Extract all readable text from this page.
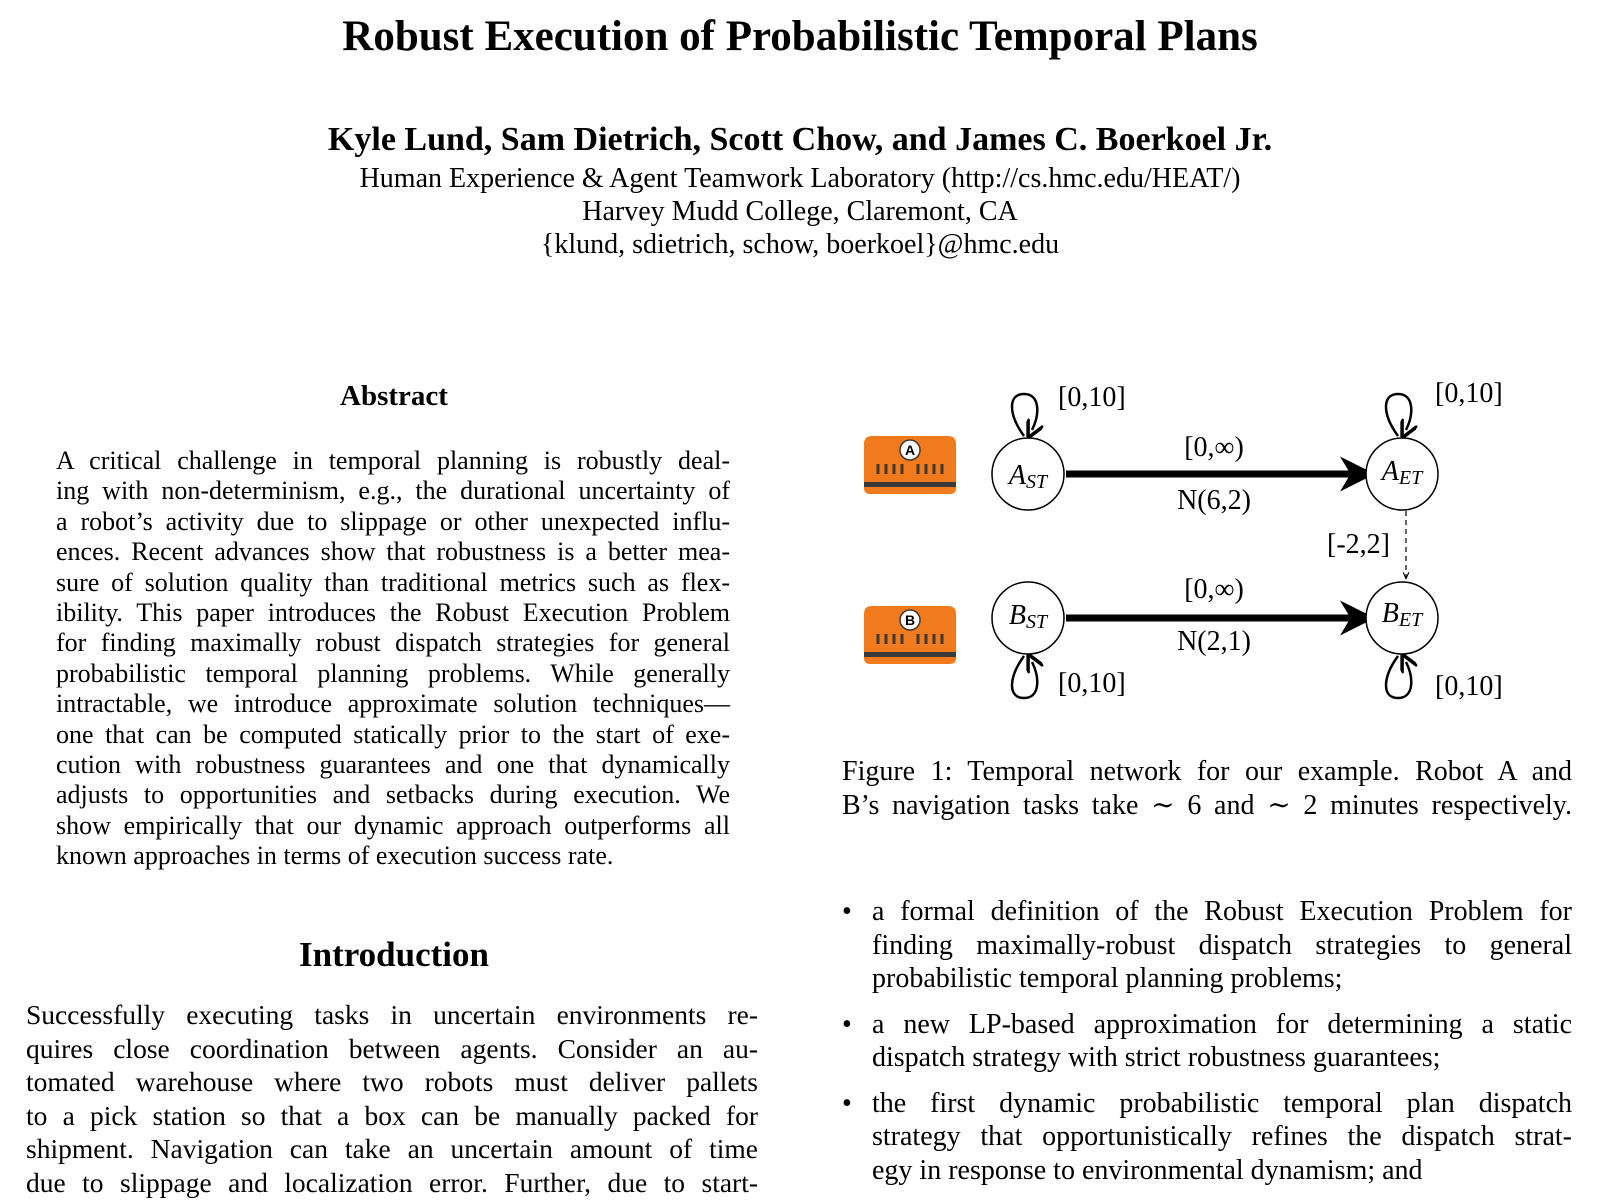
Robust Execution of Probabilistic Temporal Plans
Kyle Lund, Sam Dietrich, Scott Chow, and James C. Boerkoel Jr.
Human Experience & Agent Teamwork Laboratory (http://cs.hmc.edu/HEAT/)
Harvey Mudd College, Claremont, CA
{klund, sdietrich, schow, boerkoel}@hmc.edu
Abstract
A critical challenge in temporal planning is robustly deal-
ing with non-determinism, e.g., the durational uncertainty of
a robot’s activity due to slippage or other unexpected influ-
ences. Recent advances show that robustness is a better mea-
sure of solution quality than traditional metrics such as flex-
ibility. This paper introduces the Robust Execution Problem
for finding maximally robust dispatch strategies for general
probabilistic temporal planning problems. While generally
intractable, we introduce approximate solution techniques—
one that can be computed statically prior to the start of exe-
cution with robustness guarantees and one that dynamically
adjusts to opportunities and setbacks during execution. We
show empirically that our dynamic approach outperforms all
known approaches in terms of execution success rate.
Introduction
Successfully executing tasks in uncertain environments re-
quires close coordination between agents. Consider an au-
tomated warehouse where two robots must deliver pallets
to a pick station so that a box can be manually packed for
shipment. Navigation can take an uncertain amount of time
due to slippage and localization error. Further, due to start-
A
B
AST	AET
BST	BET
[0,10]	[0,10]
[0,10]	[0,10]
[0,∞)
N(6,2)
[0,∞)
N(2,1)
[-2,2]
Figure 1: Temporal network for our example. Robot A and
B’s navigation tasks take ∼ 6 and ∼ 2 minutes respectively.
• a formal definition of the Robust Execution Problem for
finding maximally-robust dispatch strategies to general
probabilistic temporal planning problems;
• a new LP-based approximation for determining a static
dispatch strategy with strict robustness guarantees;
• the first dynamic probabilistic temporal plan dispatch
strategy that opportunistically refines the dispatch strat-
egy in response to environmental dynamism; and
